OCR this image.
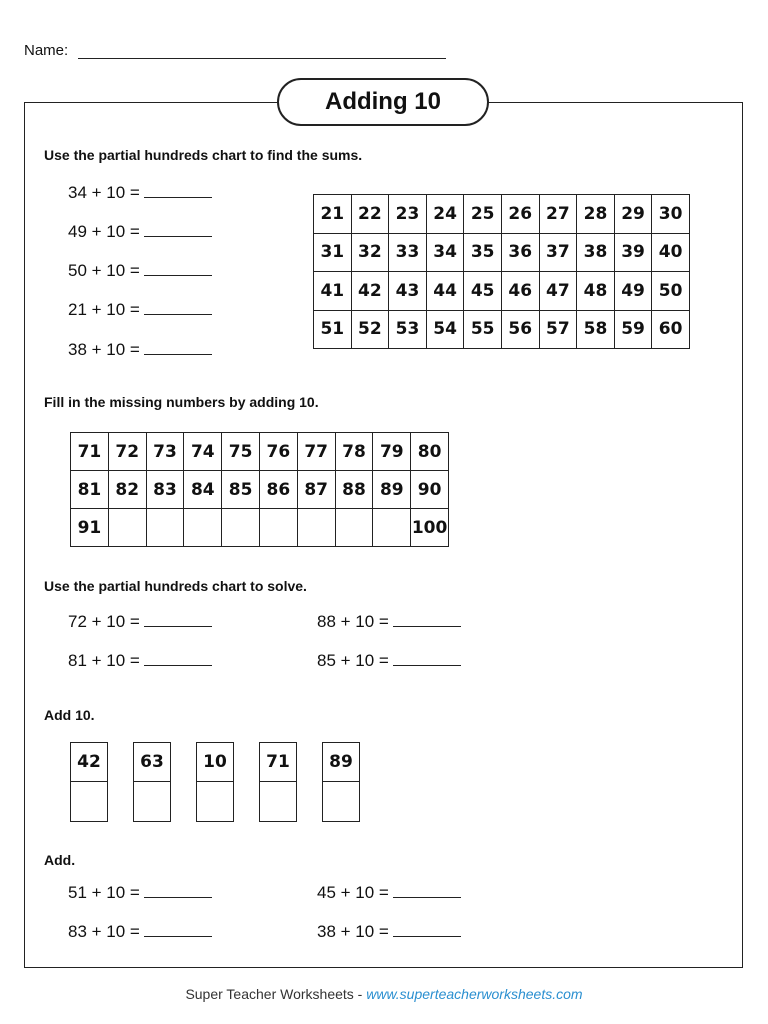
Name:
Adding 10
Use the partial hundreds chart to find the sums.
34 + 10 =
49 + 10 =
50 + 10 =
21 + 10 =
38 + 10 =
21	22	23	24	25	26	27	28	29	30
31	32	33	34	35	36	37	38	39	40
41	42	43	44	45	46	47	48	49	50
51	52	53	54	55	56	57	58	59	60
Fill in the missing numbers by adding 10.
71	72	73	74	75	76	77	78	79	80
81	82	83	84	85	86	87	88	89	90
91									100
Use the partial hundreds chart to solve.
72 + 10 =	88 + 10 =
81 + 10 =	85 + 10 =
Add 10.
42	63	10	71	89
Add.
51 + 10 =	45 + 10 =
83 + 10 =	38 + 10 =
Super Teacher Worksheets - www.superteacherworksheets.com
